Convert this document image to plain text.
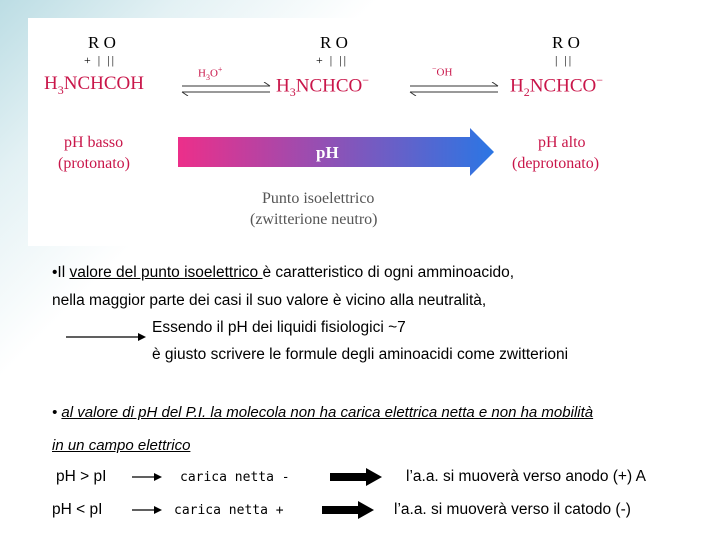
R O
+ | ||
$H_3NCHCOH$	$H_3O^+$
R O
+ | ||
$H_3NCHCO^-$
−OH
R O
| ||
$H_2NCHCO^-$
pH basso
(protonato)
pH
pH alto
(deprotonato)
Punto isoelettrico
(zwitterione neutro)
•Il valore del punto isoelettrico è caratteristico di ogni amminoacido,
nella maggior parte dei casi il suo valore è vicino alla neutralità,
Essendo il pH dei liquidi fisiologici ~7
è giusto scrivere le formule degli aminoacidi come zwitterioni
• al valore di pH del P.I. la molecola non ha carica elettrica netta e non ha mobilità
in un campo elettrico
pH > pI	carica netta -	l’a.a. si muoverà verso anodo (+) A
pH < pI	carica netta +	l’a.a. si muoverà verso il catodo (-)
